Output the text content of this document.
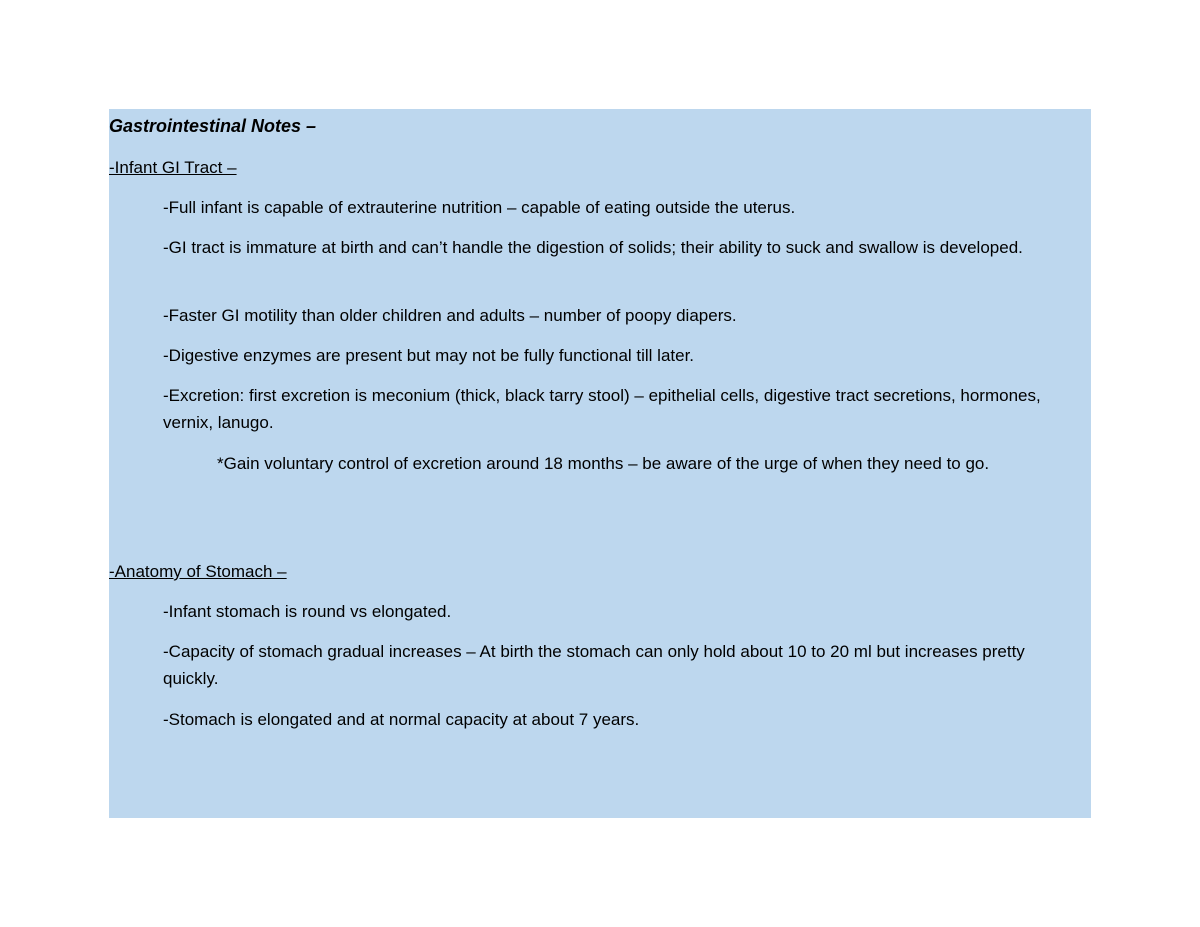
Gastrointestinal Notes –
-Infant GI Tract –
-Full infant is capable of extrauterine nutrition – capable of eating outside the uterus.
-GI tract is immature at birth and can’t handle the digestion of solids; their ability to suck and swallow is developed.
-Faster GI motility than older children and adults – number of poopy diapers.
-Digestive enzymes are present but may not be fully functional till later.
-Excretion: first excretion is meconium (thick, black tarry stool) – epithelial cells, digestive tract secretions, hormones, vernix, lanugo.
*Gain voluntary control of excretion around 18 months – be aware of the urge of when they need to go.
-Anatomy of Stomach –
-Infant stomach is round vs elongated.
-Capacity of stomach gradual increases – At birth the stomach can only hold about 10 to 20 ml but increases pretty quickly.
-Stomach is elongated and at normal capacity at about 7 years.
